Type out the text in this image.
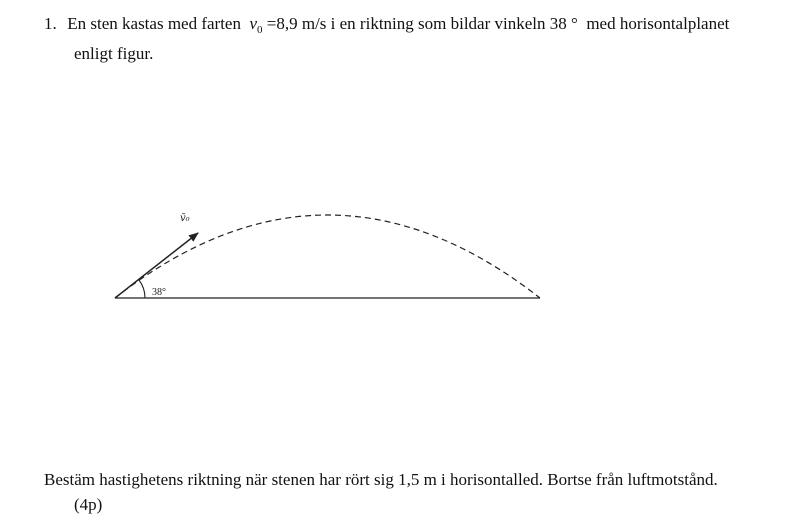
1. En sten kastas med farten $v_0 =8,9$ m/s i en riktning som bildar vinkeln 38 ° med horisontalplanet
enligt figur.
v̄₀
38°
Bestäm hastighetens riktning när stenen har rört sig 1,5 m i horisontalled. Bortse från luftmotstånd.
(4p)
